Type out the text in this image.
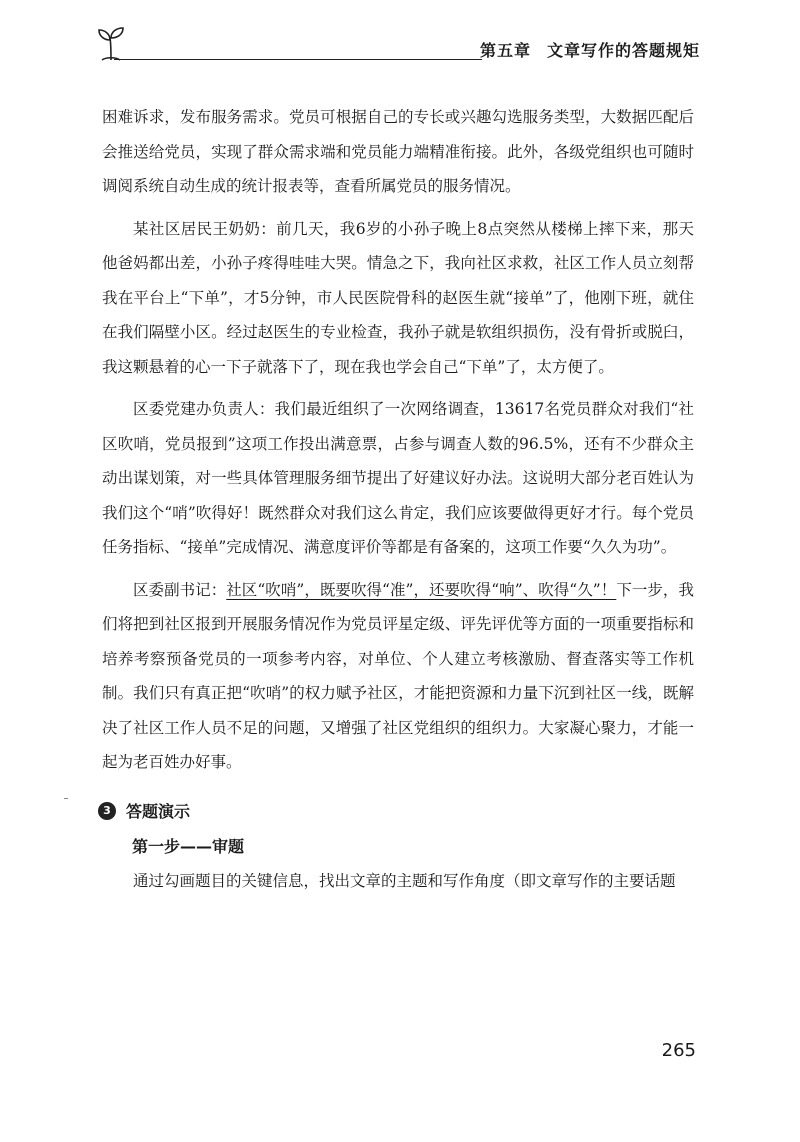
第五章 文章写作的答题规矩

困难诉求，发布服务需求。党员可根据自己的专长或兴趣勾选服务类型，大数据匹配后会推送给党员，实现了群众需求端和党员能力端精准衔接。此外，各级党组织也可随时调阅系统自动生成的统计报表等，查看所属党员的服务情况。

某社区居民王奶奶：前几天，我6岁的小孙子晚上8点突然从楼梯上摔下来，那天他爸妈都出差，小孙子疼得哇哇大哭。情急之下，我向社区求救，社区工作人员立刻帮我在平台上“下单”，才5分钟，市人民医院骨科的赵医生就“接单”了，他刚下班，就住在我们隔壁小区。经过赵医生的专业检查，我孙子就是软组织损伤，没有骨折或脱臼，我这颗悬着的心一下子就落下了，现在我也学会自己“下单”了，太方便了。

区委党建办负责人：我们最近组织了一次网络调查，13617名党员群众对我们“社区吹哨，党员报到”这项工作投出满意票，占参与调查人数的96.5%，还有不少群众主动出谋划策，对一些具体管理服务细节提出了好建议好办法。这说明大部分老百姓认为我们这个“哨”吹得好！既然群众对我们这么肯定，我们应该要做得更好才行。每个党员任务指标、“接单”完成情况、满意度评价等都是有备案的，这项工作要“久久为功”。

区委副书记：社区“吹哨”，既要吹得“准”，还要吹得“响”、吹得“久”！下一步，我们将把到社区报到开展服务情况作为党员评星定级、评先评优等方面的一项重要指标和培养考察预备党员的一项参考内容，对单位、个人建立考核激励、督查落实等工作机制。我们只有真正把“吹哨”的权力赋予社区，才能把资源和力量下沉到社区一线，既解决了社区工作人员不足的问题，又增强了社区党组织的组织力。大家凝心聚力，才能一起为老百姓办好事。

3 答题演示
第一步——审题

通过勾画题目的关键信息，找出文章的主题和写作角度（即文章写作的主要话题

265
